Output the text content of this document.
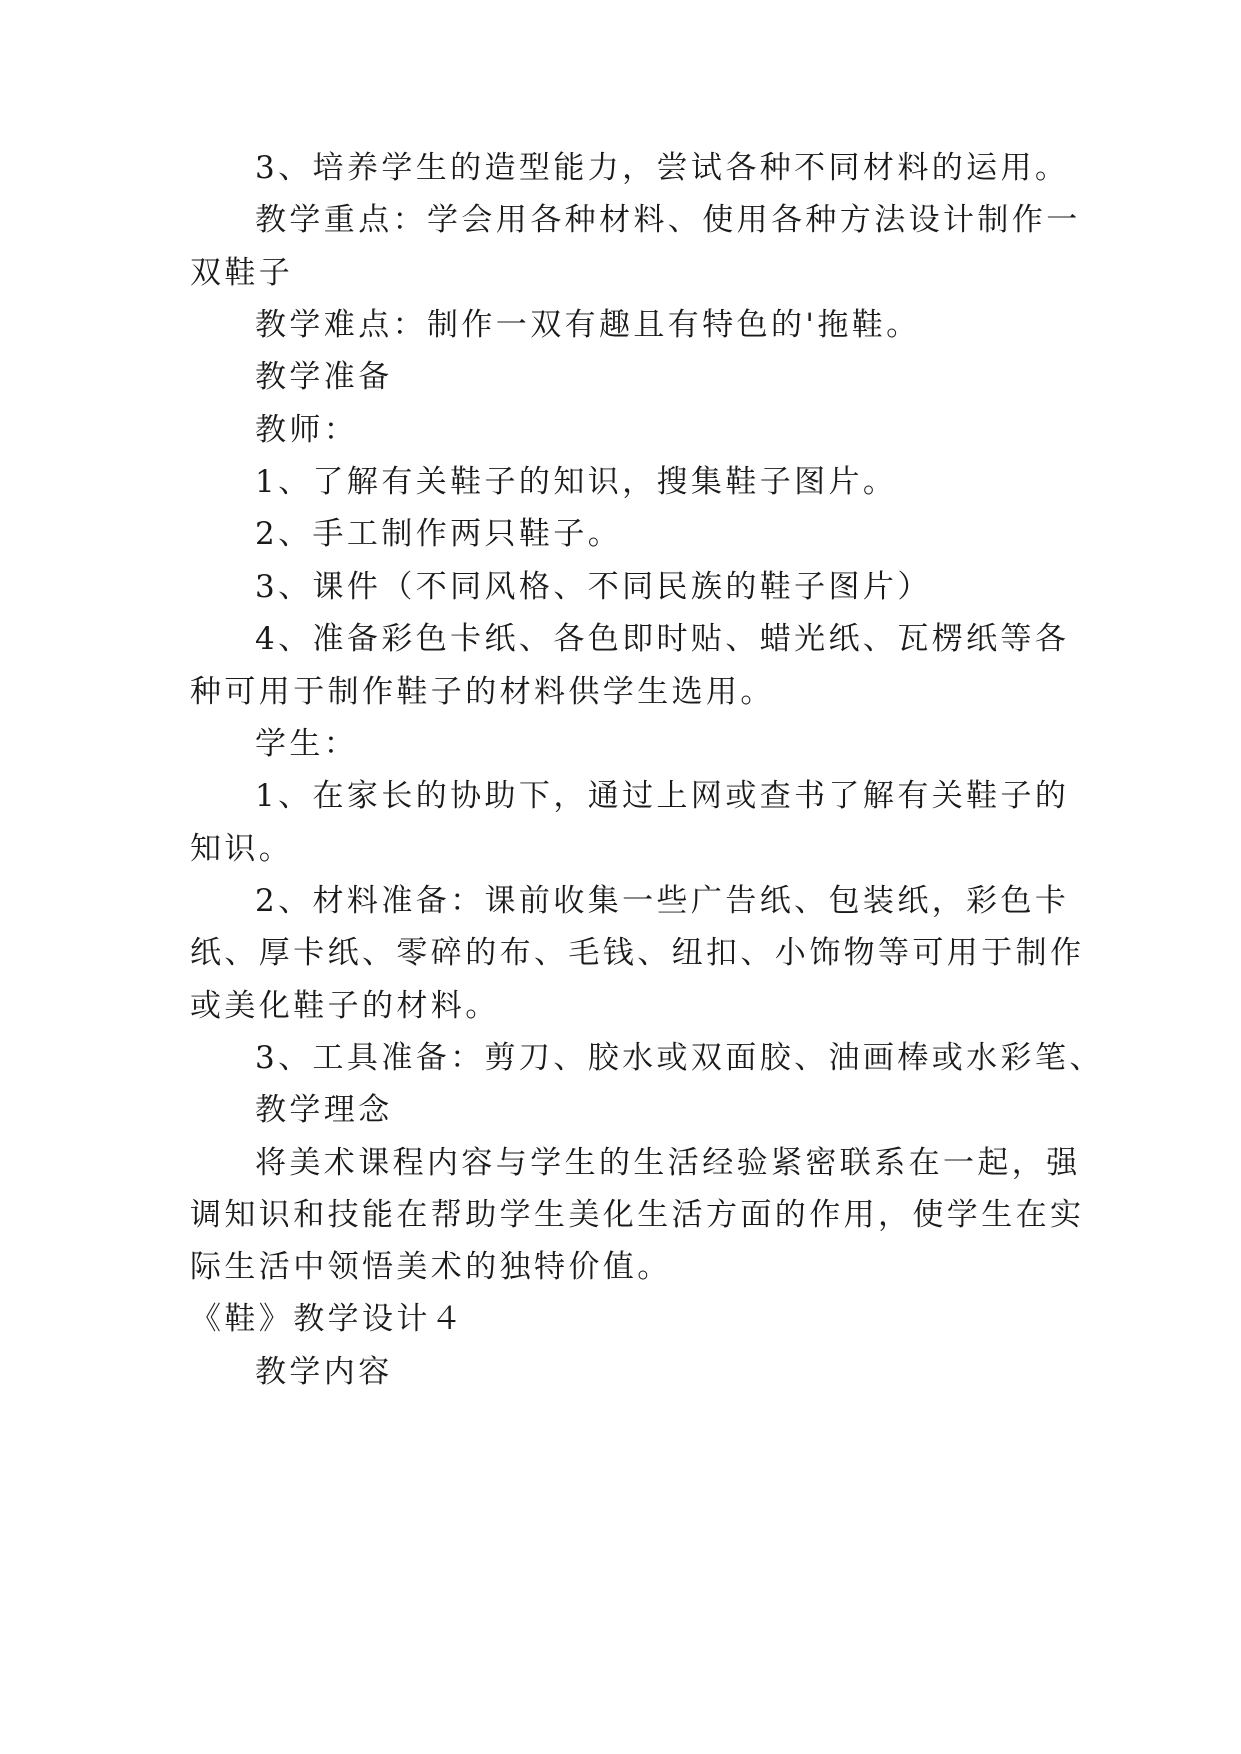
3、培养学生的造型能力，尝试各种不同材料的运用。
教学重点：学会用各种材料、使用各种方法设计制作一
双鞋子
教学难点：制作一双有趣且有特色的'拖鞋。
教学准备
教师：
1、了解有关鞋子的知识，搜集鞋子图片。
2、手工制作两只鞋子。
3、课件（不同风格、不同民族的鞋子图片）
4、准备彩色卡纸、各色即时贴、蜡光纸、瓦楞纸等各
种可用于制作鞋子的材料供学生选用。
学生：
1、在家长的协助下，通过上网或查书了解有关鞋子的
知识。
2、材料准备：课前收集一些广告纸、包装纸，彩色卡
纸、厚卡纸、零碎的布、毛钱、纽扣、小饰物等可用于制作
或美化鞋子的材料。
3、工具准备：剪刀、胶水或双面胶、油画棒或水彩笔、
教学理念
将美术课程内容与学生的生活经验紧密联系在一起，强
调知识和技能在帮助学生美化生活方面的作用，使学生在实
际生活中领悟美术的独特价值。
《鞋》教学设计４
教学内容
